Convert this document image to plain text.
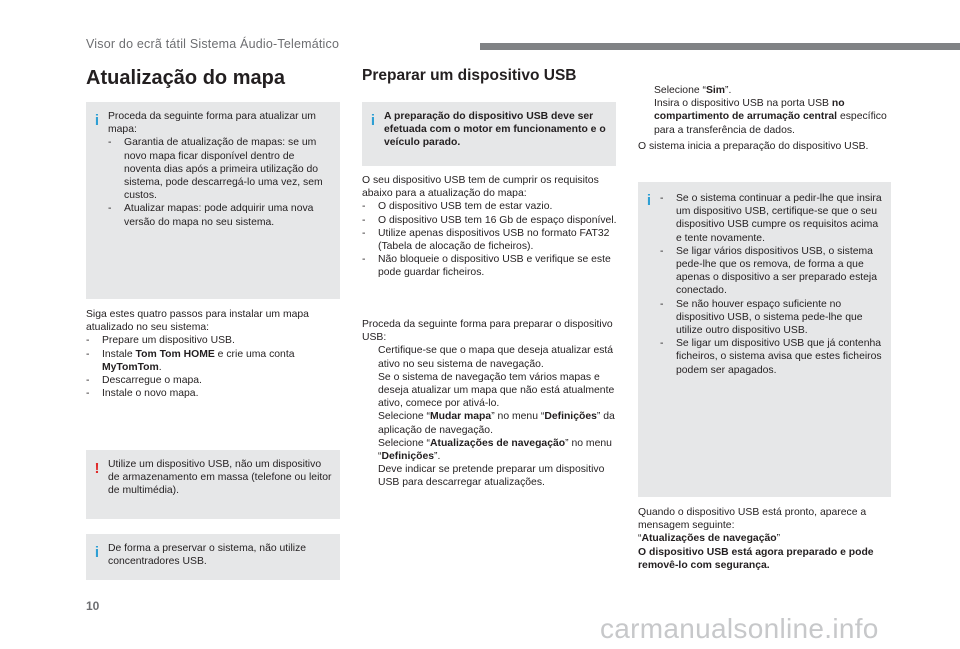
Visor do ecrã tátil Sistema Áudio-Telemático
Atualização do mapa
i Proceda da seguinte forma para atualizar um mapa:
-	Garantia de atualização de mapas: se um novo mapa ficar disponível dentro de noventa dias após a primeira utilização do sistema, pode descarregá-lo uma vez, sem custos.
-	Atualizar mapas: pode adquirir uma nova versão do mapa no seu sistema.
Siga estes quatro passos para instalar um mapa atualizado no seu sistema:
-	Prepare um dispositivo USB.
-	Instale Tom Tom HOME e crie uma conta MyTomTom.
-	Descarregue o mapa.
-	Instale o novo mapa.
! Utilize um dispositivo USB, não um dispositivo de armazenamento em massa (telefone ou leitor de multimédia).
i De forma a preservar o sistema, não utilize concentradores USB.
Preparar um dispositivo USB
i A preparação do dispositivo USB deve ser efetuada com o motor em funcionamento e o veículo parado.
O seu dispositivo USB tem de cumprir os requisitos abaixo para a atualização do mapa:
-	O dispositivo USB tem de estar vazio.
-	O dispositivo USB tem 16 Gb de espaço disponível.
-	Utilize apenas dispositivos USB no formato FAT32 (Tabela de alocação de ficheiros).
-	Não bloqueie o dispositivo USB e verifique se este pode guardar ficheiros.
Proceda da seguinte forma para preparar o dispositivo USB:
Certifique-se que o mapa que deseja atualizar está ativo no seu sistema de navegação.
Se o sistema de navegação tem vários mapas e deseja atualizar um mapa que não está atualmente ativo, comece por ativá-lo.
Selecione “Mudar mapa” no menu “Definições” da aplicação de navegação.
Selecione “Atualizações de navegação” no menu “Definições”.
Deve indicar se pretende preparar um dispositivo USB para descarregar atualizações.
Selecione “Sim”.
Insira o dispositivo USB na porta USB no compartimento de arrumação central específico para a transferência de dados.
O sistema inicia a preparação do dispositivo USB.
i -	Se o sistema continuar a pedir-lhe que insira um dispositivo USB, certifique-se que o seu dispositivo USB cumpre os requisitos acima e tente novamente.
-	Se ligar vários dispositivos USB, o sistema pede-lhe que os remova, de forma a que apenas o dispositivo a ser preparado esteja conectado.
-	Se não houver espaço suficiente no dispositivo USB, o sistema pede-lhe que utilize outro dispositivo USB.
-	Se ligar um dispositivo USB que já contenha ficheiros, o sistema avisa que estes ficheiros podem ser apagados.
Quando o dispositivo USB está pronto, aparece a mensagem seguinte:
“Atualizações de navegação”
O dispositivo USB está agora preparado e pode removê-lo com segurança.
10
carmanualsonline.info
